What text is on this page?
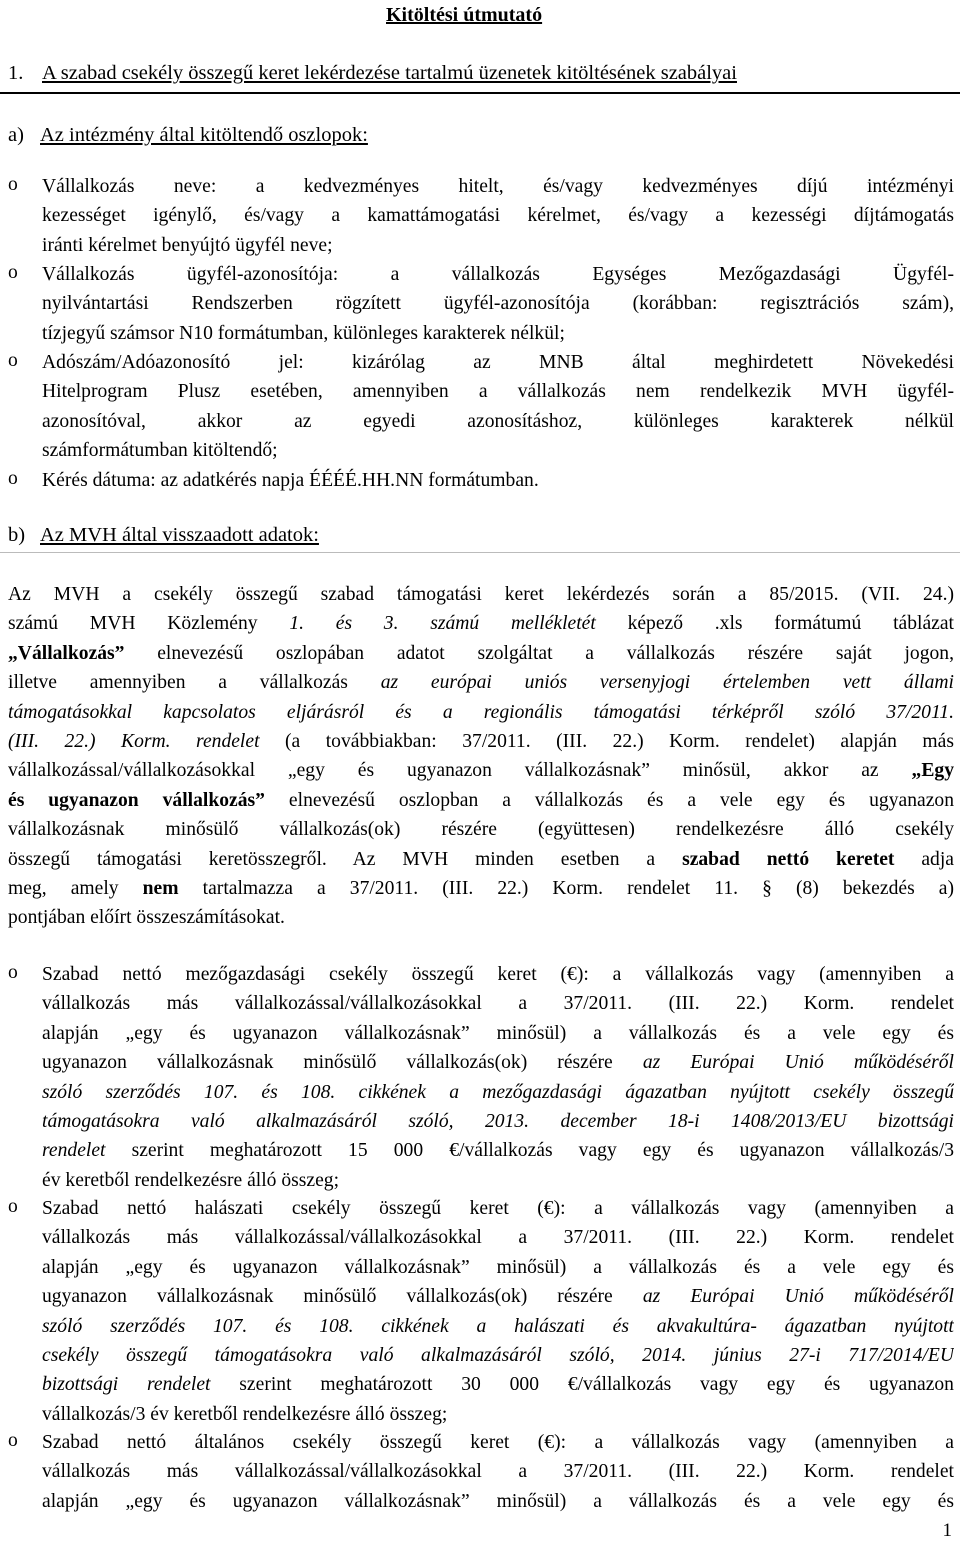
Kitöltési útmutató
1. A szabad csekély összegű keret lekérdezése tartalmú üzenetek kitöltésének szabályai
a) Az intézmény által kitöltendő oszlopok:
o Vállalkozás neve: a kedvezményes hitelt, és/vagy kedvezményes díjú intézményi
kezességet igénylő, és/vagy a kamattámogatási kérelmet, és/vagy a kezességi díjtámogatás
iránti kérelmet benyújtó ügyfél neve;
o Vállalkozás ügyfél-azonosítója: a vállalkozás Egységes Mezőgazdasági Ügyfél-
nyilvántartási Rendszerben rögzített ügyfél-azonosítója (korábban: regisztrációs szám),
tízjegyű számsor N10 formátumban, különleges karakterek nélkül;
o Adószám/Adóazonosító jel: kizárólag az MNB által meghirdetett Növekedési
Hitelprogram Plusz esetében, amennyiben a vállalkozás nem rendelkezik MVH ügyfél-
azonosítóval, akkor az egyedi azonosításhoz, különleges karakterek nélkül
számformátumban kitöltendő;
o Kérés dátuma: az adatkérés napja ÉÉÉÉ.HH.NN formátumban.
b) Az MVH által visszaadott adatok:
Az MVH a csekély összegű szabad támogatási keret lekérdezés során a 85/2015. (VII. 24.)
számú MVH Közlemény 1. és 3. számú mellékletét képező .xls formátumú táblázat
„Vállalkozás” elnevezésű oszlopában adatot szolgáltat a vállalkozás részére saját jogon,
illetve amennyiben a vállalkozás az európai uniós versenyjogi értelemben vett állami
támogatásokkal kapcsolatos eljárásról és a regionális támogatási térképről szóló 37/2011.
(III. 22.) Korm. rendelet (a továbbiakban: 37/2011. (III. 22.) Korm. rendelet) alapján más
vállalkozással/vállalkozásokkal „egy és ugyanazon vállalkozásnak” minősül, akkor az „Egy
és ugyanazon vállalkozás” elnevezésű oszlopban a vállalkozás és a vele egy és ugyanazon
vállalkozásnak minősülő vállalkozás(ok) részére (együttesen) rendelkezésre álló csekély
összegű támogatási keretösszegről. Az MVH minden esetben a szabad nettó keretet adja
meg, amely nem tartalmazza a 37/2011. (III. 22.) Korm. rendelet 11. § (8) bekezdés a)
pontjában előírt összeszámításokat.
o Szabad nettó mezőgazdasági csekély összegű keret (€): a vállalkozás vagy (amennyiben a
vállalkozás más vállalkozással/vállalkozásokkal a 37/2011. (III. 22.) Korm. rendelet
alapján „egy és ugyanazon vállalkozásnak” minősül) a vállalkozás és a vele egy és
ugyanazon vállalkozásnak minősülő vállalkozás(ok) részére az Európai Unió működéséről
szóló szerződés 107. és 108. cikkének a mezőgazdasági ágazatban nyújtott csekély összegű
támogatásokra való alkalmazásáról szóló, 2013. december 18-i 1408/2013/EU bizottsági
rendelet szerint meghatározott 15 000 €/vállalkozás vagy egy és ugyanazon vállalkozás/3
év keretből rendelkezésre álló összeg;
o Szabad nettó halászati csekély összegű keret (€): a vállalkozás vagy (amennyiben a
vállalkozás más vállalkozással/vállalkozásokkal a 37/2011. (III. 22.) Korm. rendelet
alapján „egy és ugyanazon vállalkozásnak” minősül) a vállalkozás és a vele egy és
ugyanazon vállalkozásnak minősülő vállalkozás(ok) részére az Európai Unió működéséről
szóló szerződés 107. és 108. cikkének a halászati és akvakultúra- ágazatban nyújtott
csekély összegű támogatásokra való alkalmazásáról szóló, 2014. június 27-i 717/2014/EU
bizottsági rendelet szerint meghatározott 30 000 €/vállalkozás vagy egy és ugyanazon
vállalkozás/3 év keretből rendelkezésre álló összeg;
o Szabad nettó általános csekély összegű keret (€): a vállalkozás vagy (amennyiben a
vállalkozás más vállalkozással/vállalkozásokkal a 37/2011. (III. 22.) Korm. rendelet
alapján „egy és ugyanazon vállalkozásnak” minősül) a vállalkozás és a vele egy és
1
